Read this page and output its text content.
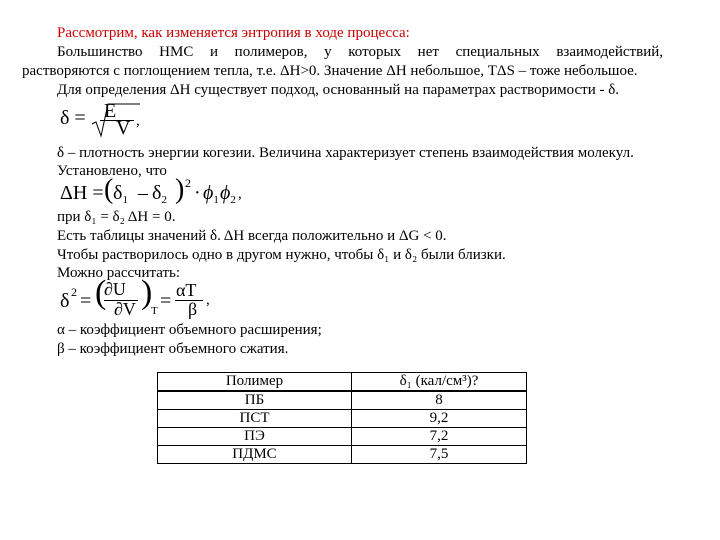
Рассмотрим, как изменяется энтропия в ходе процесса:
Большинство НМС и полимеров, у которых нет специальных взаимодействий,
растворяются с поглощением тепла, т.е. ΔH>0. Значение ΔH небольшое, TΔS – тоже небольшое.
Для определения ΔH существует подход, основанный на параметрах растворимости - δ.
δ = E
V ,
δ – плотность энергии когезии. Величина характеризует степень взаимодействия молекул.
Установлено, что
ΔH = ( $\delta_1 - \delta_2$ ) $2 \cdot \phi_1$ $\phi_2$ ,
при δ₁ = δ₂ ΔH = 0.
Есть таблицы значений δ. ΔH всегда положительно и ΔG < 0.
Чтобы растворилось одно в другом нужно, чтобы δ₁ и δ₂ были близки.
Можно рассчитать:
δ 2 = (
∂U
∂V )
T = αT
β ,
α – коэффициент объемного расширения;
β – коэффициент объемного сжатия.
Полимер	δ₁ (кал/см³)?
ПБ	8
ПСТ	9,2
ПЭ	7,2
ПДМС	7,5
